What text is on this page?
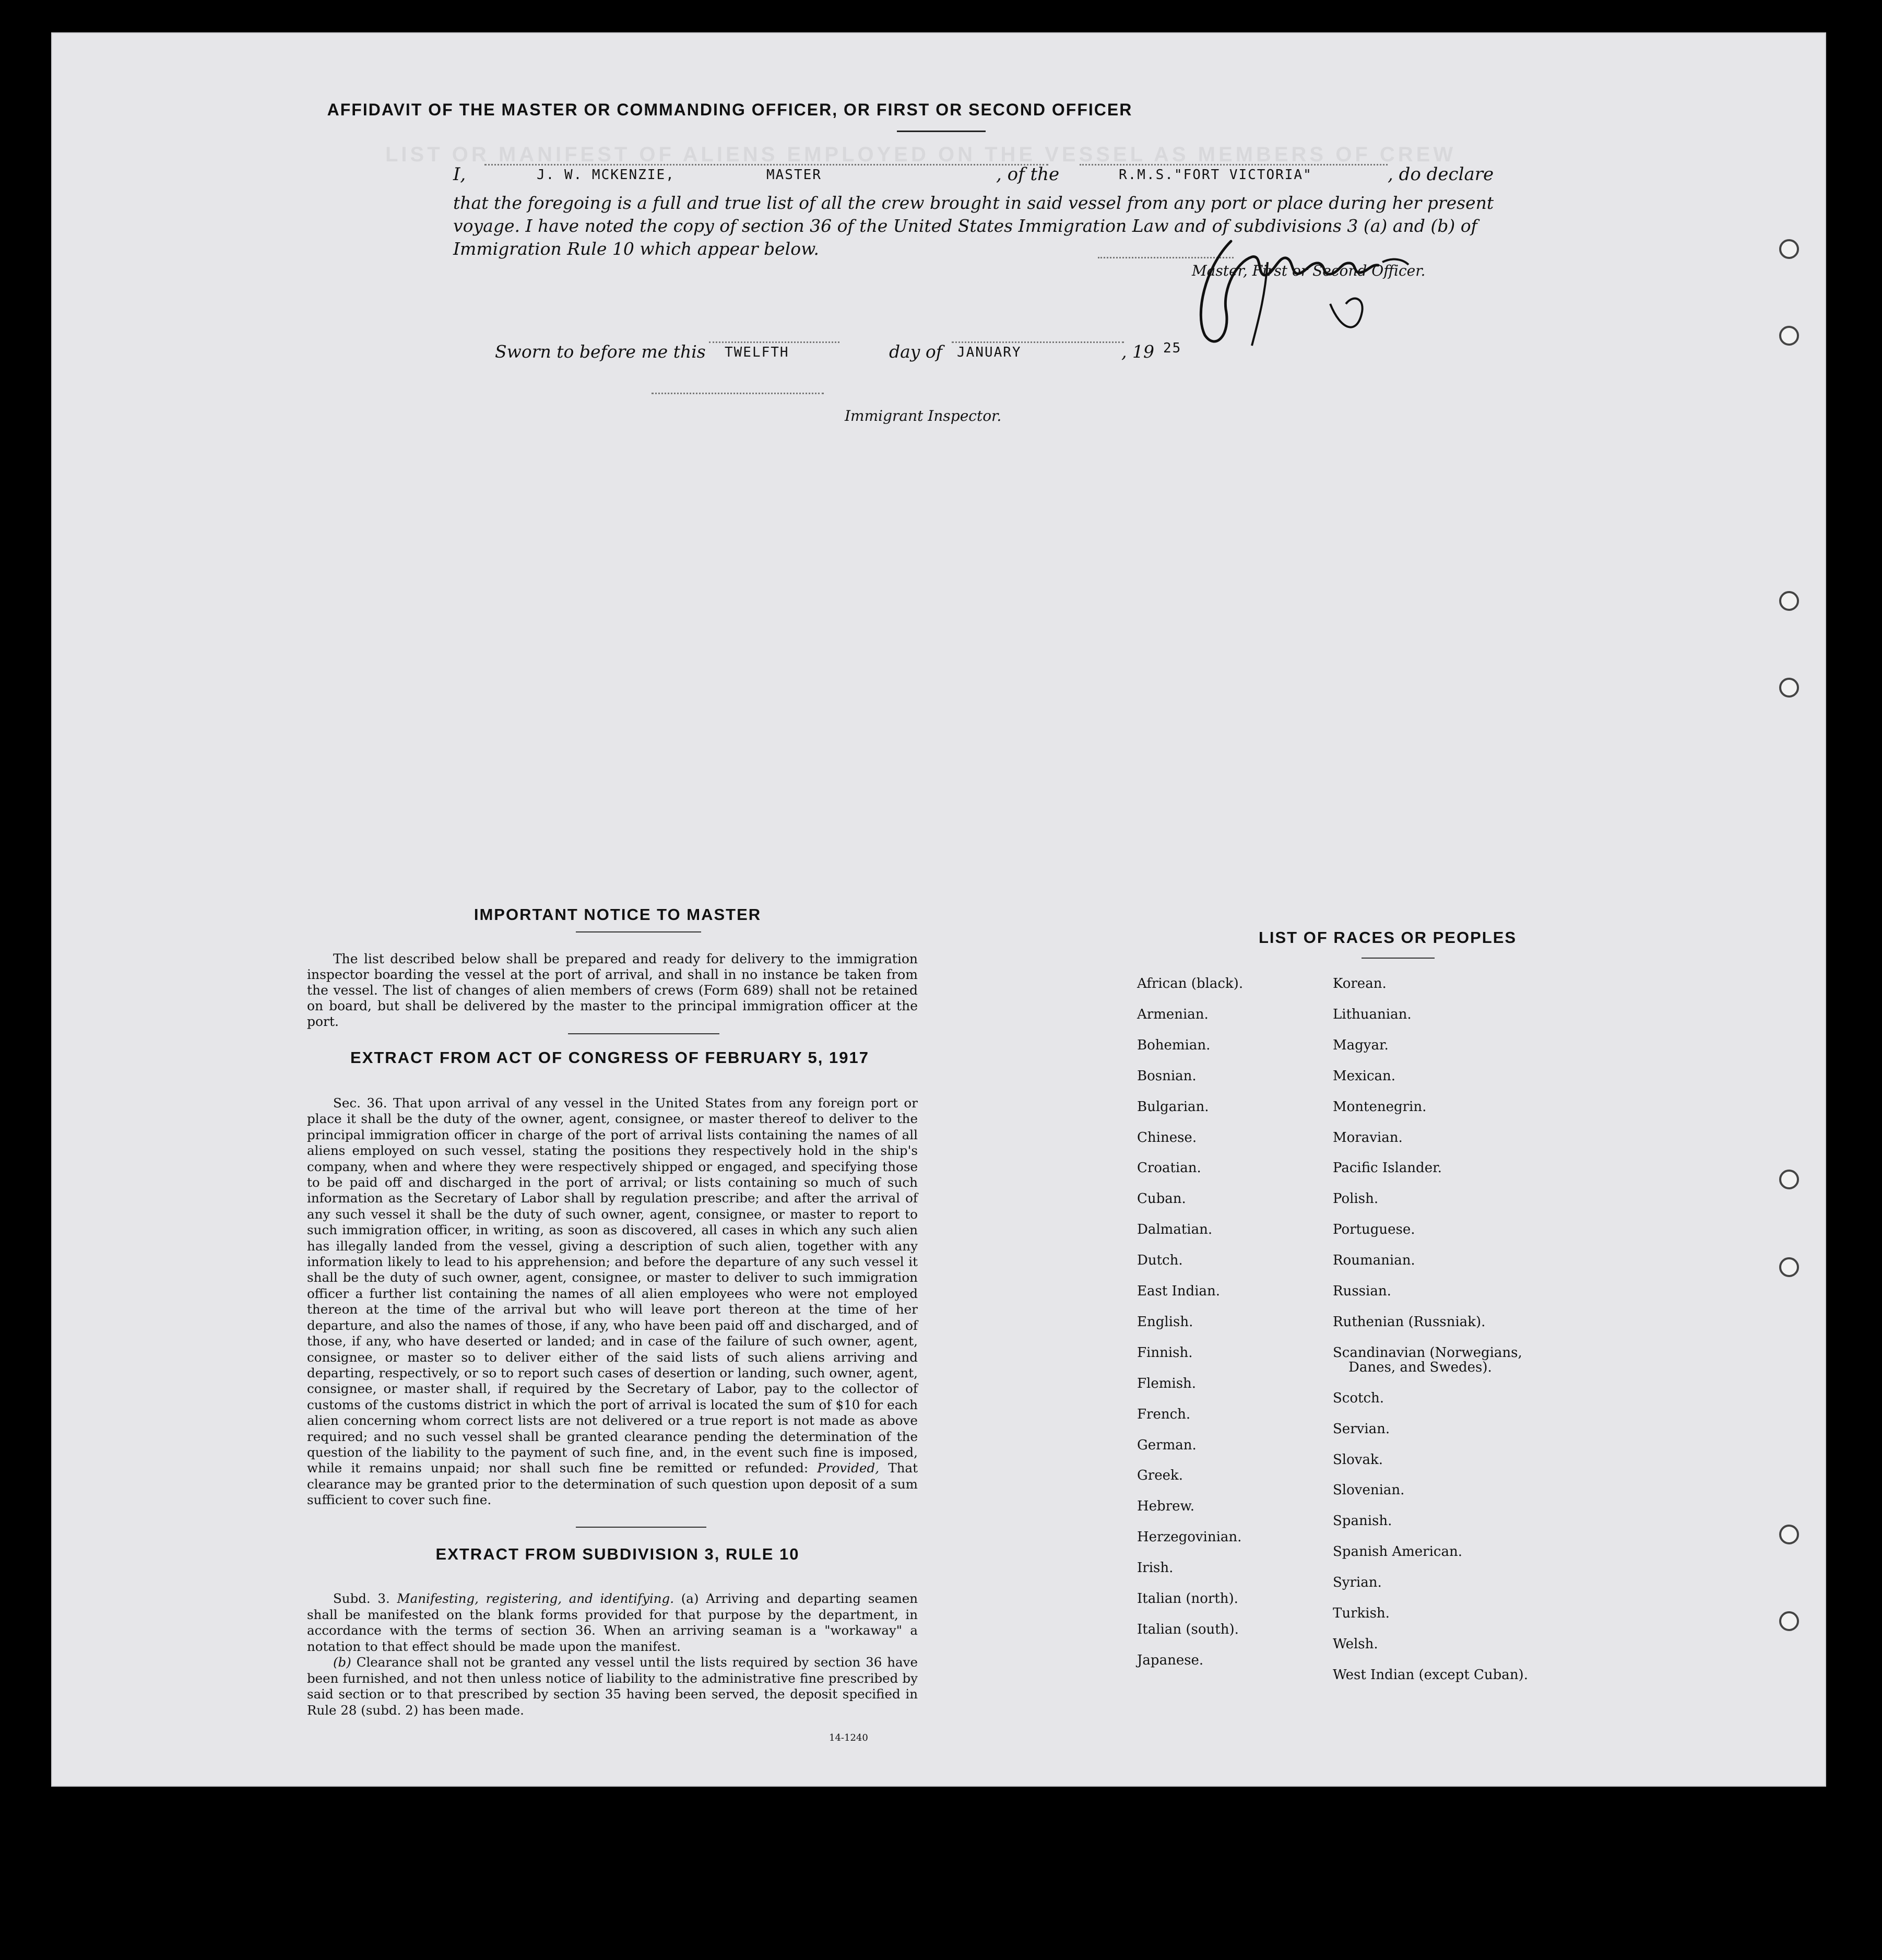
LIST OR MANIFEST OF ALIENS EMPLOYED ON THE VESSEL AS MEMBERS OF CREW
AFFIDAVIT OF THE MASTER OR COMMANDING OFFICER, OR FIRST OR SECOND OFFICER
I,	J. W. MCKENZIE,	MASTER	, of the	R.M.S."FORT VICTORIA"	, do declare
that the foregoing is a full and true list of all the crew brought in said vessel from any port or place during her present voyage. I have noted the copy of section 36 of the United States Immigration Law and of subdivisions 3 (a) and (b) of Immigration Rule 10 which appear below.
Master, First or Second Officer.
Sworn to before me this TWELFTH	day of JANUARY	, 19 25
Immigrant Inspector.
IMPORTANT NOTICE TO MASTER
The list described below shall be prepared and ready for delivery to the immigration inspector boarding the vessel at the port of arrival, and shall in no instance be taken from the vessel. The list of changes of alien members of crews (Form 689) shall not be retained on board, but shall be delivered by the master to the principal immigration officer at the port.
EXTRACT FROM ACT OF CONGRESS OF FEBRUARY 5, 1917
Sec. 36. That upon arrival of any vessel in the United States from any foreign port or place it shall be the duty of the owner, agent, consignee, or master thereof to deliver to the principal immigration officer in charge of the port of arrival lists containing the names of all aliens employed on such vessel, stating the positions they respectively hold in the ship's company, when and where they were respectively shipped or engaged, and specifying those to be paid off and discharged in the port of arrival; or lists containing so much of such information as the Secretary of Labor shall by regulation prescribe; and after the arrival of any such vessel it shall be the duty of such owner, agent, consignee, or master to report to such immigration officer, in writing, as soon as discovered, all cases in which any such alien has illegally landed from the vessel, giving a description of such alien, together with any information likely to lead to his apprehension; and before the departure of any such vessel it shall be the duty of such owner, agent, consignee, or master to deliver to such immigration officer a further list containing the names of all alien employees who were not employed thereon at the time of the arrival but who will leave port thereon at the time of her departure, and also the names of those, if any, who have been paid off and discharged, and of those, if any, who have deserted or landed; and in case of the failure of such owner, agent, consignee, or master so to deliver either of the said lists of such aliens arriving and departing, respectively, or so to report such cases of desertion or landing, such owner, agent, consignee, or master shall, if required by the Secretary of Labor, pay to the collector of customs of the customs district in which the port of arrival is located the sum of $10 for each alien concerning whom correct lists are not delivered or a true report is not made as above required; and no such vessel shall be granted clearance pending the determination of the question of the liability to the payment of such fine, and, in the event such fine is imposed, while it remains unpaid; nor shall such fine be remitted or refunded: Provided, That clearance may be granted prior to the determination of such question upon deposit of a sum sufficient to cover such fine.
EXTRACT FROM SUBDIVISION 3, RULE 10

Subd. 3. Manifesting, registering, and identifying. (a) Arriving and departing seamen shall be manifested on the blank forms provided for that purpose by the department, in accordance with the terms of section 36. When an arriving seaman is a "workaway" a notation to that effect should be made upon the manifest.

(b) Clearance shall not be granted any vessel until the lists required by section 36 have been furnished, and not then unless notice of liability to the administrative fine prescribed by said section or to that prescribed by section 35 having been served, the deposit specified in Rule 28 (subd. 2) has been made.

14-1240
LIST OF RACES OR PEOPLES
African (black).
Armenian.
Bohemian.
Bosnian.
Bulgarian.
Chinese.
Croatian.
Cuban.
Dalmatian.
Dutch.
East Indian.
English.
Finnish.
Flemish.
French.
German.
Greek.
Hebrew.
Herzegovinian.
Irish.
Italian (north).
Italian (south).
Japanese.
Korean.
Lithuanian.
Magyar.
Mexican.
Montenegrin.
Moravian.
Pacific Islander.
Polish.
Portuguese.
Roumanian.
Russian.
Ruthenian (Russniak).
Scandinavian (Norwegians,
Danes, and Swedes).
Scotch.
Servian.
Slovak.
Slovenian.
Spanish.
Spanish American.
Syrian.
Turkish.
Welsh.
West Indian (except Cuban).
